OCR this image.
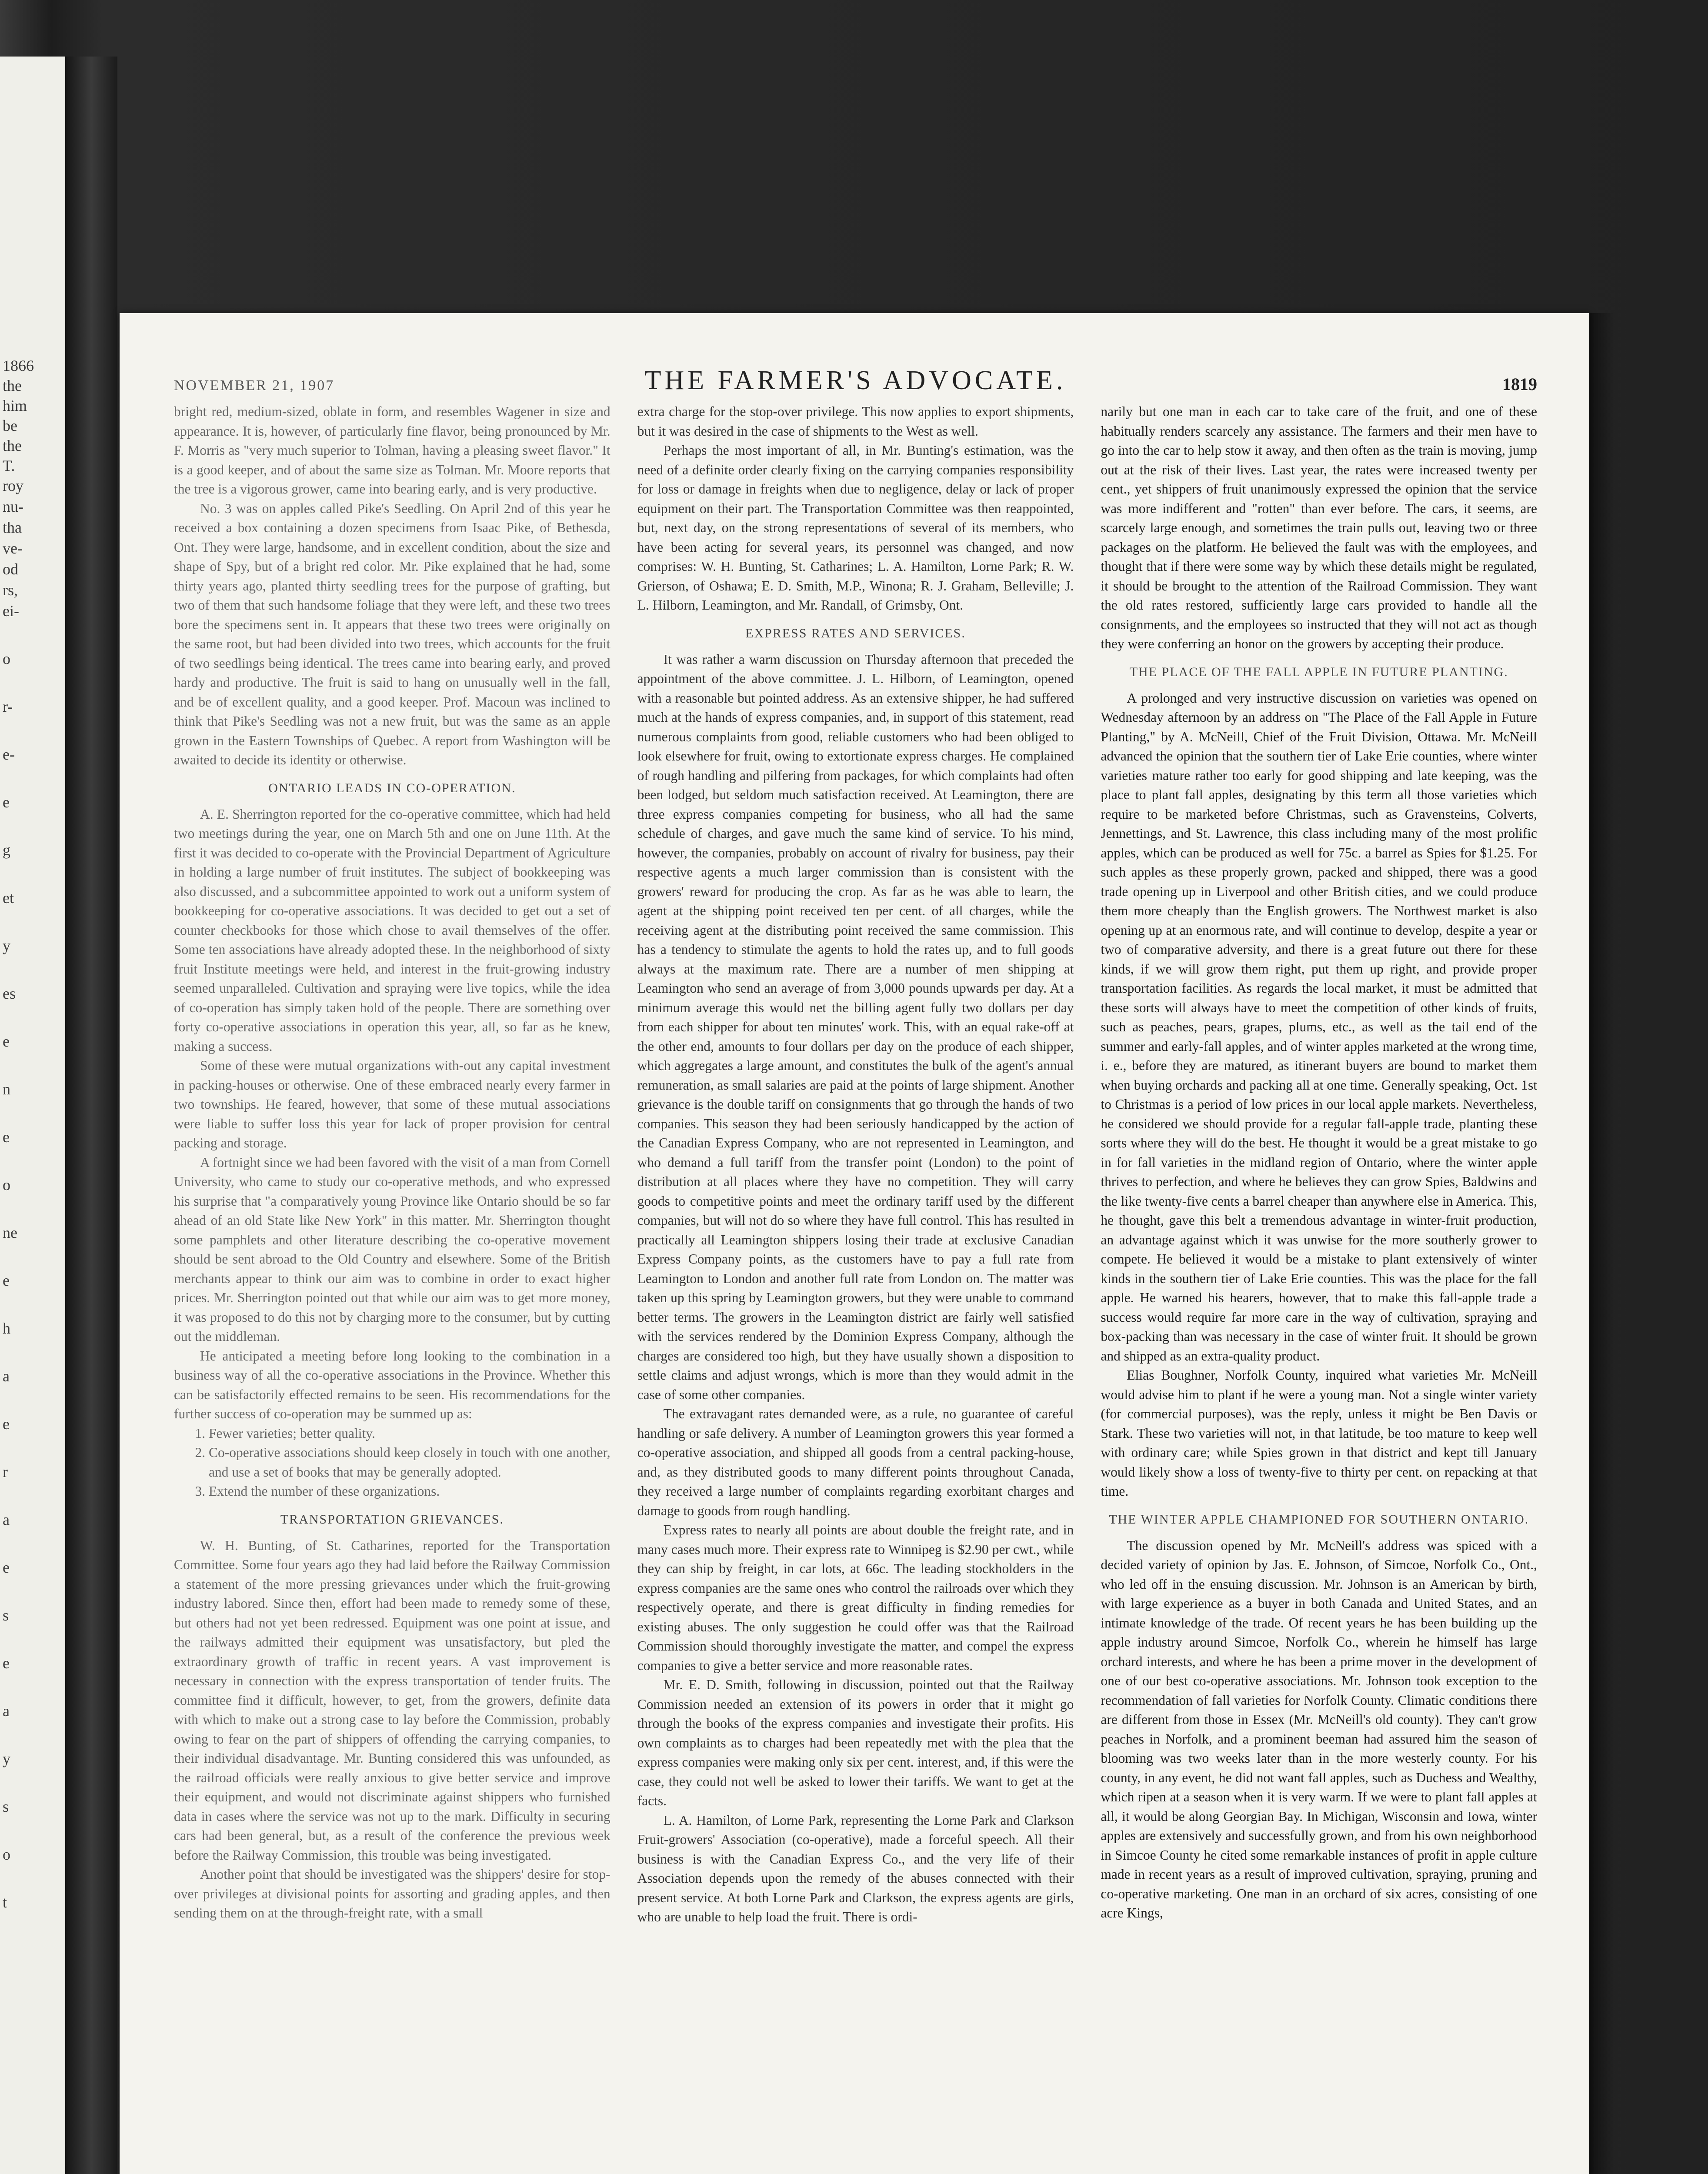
1866
the
him
be
the
T.
roy
nu-
tha
ve-
od
rs,
ei-
o
r-
e-
e
g
et
y
es
e
n
e
o
ne
e
h
a
e
r
a
e
s
e
a
y
s
o
t
NOVEMBER 21, 1907	THE FARMER'S ADVOCATE.	1819

bright red, medium-sized, oblate in form, and resembles Wagener in size and appearance. It is, however, of particularly fine flavor, being pronounced by Mr. F. Morris as "very much superior to Tolman, having a pleasing sweet flavor." It is a good keeper, and of about the same size as Tolman. Mr. Moore reports that the tree is a vigorous grower, came into bearing early, and is very productive.

No. 3 was on apples called Pike's Seedling. On April 2nd of this year he received a box containing a dozen specimens from Isaac Pike, of Bethesda, Ont. They were large, handsome, and in excellent condition, about the size and shape of Spy, but of a bright red color. Mr. Pike explained that he had, some thirty years ago, planted thirty seedling trees for the purpose of grafting, but two of them that such handsome foliage that they were left, and these two trees bore the specimens sent in. It appears that these two trees were originally on the same root, but had been divided into two trees, which accounts for the fruit of two seedlings being identical. The trees came into bearing early, and proved hardy and productive. The fruit is said to hang on unusually well in the fall, and be of excellent quality, and a good keeper. Prof. Macoun was inclined to think that Pike's Seedling was not a new fruit, but was the same as an apple grown in the Eastern Townships of Quebec. A report from Washington will be awaited to decide its identity or otherwise.

ONTARIO LEADS IN CO-OPERATION.

A. E. Sherrington reported for the co-operative committee, which had held two meetings during the year, one on March 5th and one on June 11th. At the first it was decided to co-operate with the Provincial Department of Agriculture in holding a large number of fruit institutes. The subject of bookkeeping was also discussed, and a subcommittee appointed to work out a uniform system of bookkeeping for co-operative associations. It was decided to get out a set of counter checkbooks for those which chose to avail themselves of the offer. Some ten associations have already adopted these. In the neighborhood of sixty fruit Institute meetings were held, and interest in the fruit-growing industry seemed unparalleled. Cultivation and spraying were live topics, while the idea of co-operation has simply taken hold of the people. There are something over forty co-operative associations in operation this year, all, so far as he knew, making a success.

Some of these were mutual organizations with-out any capital investment in packing-houses or otherwise. One of these embraced nearly every farmer in two townships. He feared, however, that some of these mutual associations were liable to suffer loss this year for lack of proper provision for central packing and storage.

A fortnight since we had been favored with the visit of a man from Cornell University, who came to study our co-operative methods, and who expressed his surprise that "a comparatively young Province like Ontario should be so far ahead of an old State like New York" in this matter. Mr. Sherrington thought some pamphlets and other literature describing the co-operative movement should be sent abroad to the Old Country and elsewhere. Some of the British merchants appear to think our aim was to combine in order to exact higher prices. Mr. Sherrington pointed out that while our aim was to get more money, it was proposed to do this not by charging more to the consumer, but by cutting out the middleman.

He anticipated a meeting before long looking to the combination in a business way of all the co-operative associations in the Province. Whether this can be satisfactorily effected remains to be seen. His recommendations for the further success of co-operation may be summed up as:

1. Fewer varieties; better quality.
2. Co-operative associations should keep closely in touch with one another, and use a set of books that may be generally adopted.
3. Extend the number of these organizations.
TRANSPORTATION GRIEVANCES.

W. H. Bunting, of St. Catharines, reported for the Transportation Committee. Some four years ago they had laid before the Railway Commission a statement of the more pressing grievances under which the fruit-growing industry labored. Since then, effort had been made to remedy some of these, but others had not yet been redressed. Equipment was one point at issue, and the railways admitted their equipment was unsatisfactory, but pled the extraordinary growth of traffic in recent years. A vast improvement is necessary in connection with the express transportation of tender fruits. The committee find it difficult, however, to get, from the growers, definite data with which to make out a strong case to lay before the Commission, probably owing to fear on the part of shippers of offending the carrying companies, to their individual disadvantage. Mr. Bunting considered this was unfounded, as the railroad officials were really anxious to give better service and improve their equipment, and would not discriminate against shippers who furnished data in cases where the service was not up to the mark. Difficulty in securing cars had been general, but, as a result of the conference the previous week before the Railway Commission, this trouble was being investigated.

Another point that should be investigated was the shippers' desire for stop-over privileges at divisional points for assorting and grading apples, and then sending them on at the through-freight rate, with a small

extra charge for the stop-over privilege. This now applies to export shipments, but it was desired in the case of shipments to the West as well.

Perhaps the most important of all, in Mr. Bunting's estimation, was the need of a definite order clearly fixing on the carrying companies responsibility for loss or damage in freights when due to negligence, delay or lack of proper equipment on their part. The Transportation Committee was then reappointed, but, next day, on the strong representations of several of its members, who have been acting for several years, its personnel was changed, and now comprises: W. H. Bunting, St. Catharines; L. A. Hamilton, Lorne Park; R. W. Grierson, of Oshawa; E. D. Smith, M.P., Winona; R. J. Graham, Belleville; J. L. Hilborn, Leamington, and Mr. Randall, of Grimsby, Ont.

EXPRESS RATES AND SERVICES.

It was rather a warm discussion on Thursday afternoon that preceded the appointment of the above committee. J. L. Hilborn, of Leamington, opened with a reasonable but pointed address. As an extensive shipper, he had suffered much at the hands of express companies, and, in support of this statement, read numerous complaints from good, reliable customers who had been obliged to look elsewhere for fruit, owing to extortionate express charges. He complained of rough handling and pilfering from packages, for which complaints had often been lodged, but seldom much satisfaction received. At Leamington, there are three express companies competing for business, who all had the same schedule of charges, and gave much the same kind of service. To his mind, however, the companies, probably on account of rivalry for business, pay their respective agents a much larger commission than is consistent with the growers' reward for producing the crop. As far as he was able to learn, the agent at the shipping point received ten per cent. of all charges, while the receiving agent at the distributing point received the same commission. This has a tendency to stimulate the agents to hold the rates up, and to full goods always at the maximum rate. There are a number of men shipping at Leamington who send an average of from 3,000 pounds upwards per day. At a minimum average this would net the billing agent fully two dollars per day from each shipper for about ten minutes' work. This, with an equal rake-off at the other end, amounts to four dollars per day on the produce of each shipper, which aggregates a large amount, and constitutes the bulk of the agent's annual remuneration, as small salaries are paid at the points of large shipment. Another grievance is the double tariff on consignments that go through the hands of two companies. This season they had been seriously handicapped by the action of the Canadian Express Company, who are not represented in Leamington, and who demand a full tariff from the transfer point (London) to the point of distribution at all places where they have no competition. They will carry goods to competitive points and meet the ordinary tariff used by the different companies, but will not do so where they have full control. This has resulted in practically all Leamington shippers losing their trade at exclusive Canadian Express Company points, as the customers have to pay a full rate from Leamington to London and another full rate from London on. The matter was taken up this spring by Leamington growers, but they were unable to command better terms. The growers in the Leamington district are fairly well satisfied with the services rendered by the Dominion Express Company, although the charges are considered too high, but they have usually shown a disposition to settle claims and adjust wrongs, which is more than they would admit in the case of some other companies.

The extravagant rates demanded were, as a rule, no guarantee of careful handling or safe delivery. A number of Leamington growers this year formed a co-operative association, and shipped all goods from a central packing-house, and, as they distributed goods to many different points throughout Canada, they received a large number of complaints regarding exorbitant charges and damage to goods from rough handling.

Express rates to nearly all points are about double the freight rate, and in many cases much more. Their express rate to Winnipeg is $2.90 per cwt., while they can ship by freight, in car lots, at 66c. The leading stockholders in the express companies are the same ones who control the railroads over which they respectively operate, and there is great difficulty in finding remedies for existing abuses. The only suggestion he could offer was that the Railroad Commission should thoroughly investigate the matter, and compel the express companies to give a better service and more reasonable rates.

Mr. E. D. Smith, following in discussion, pointed out that the Railway Commission needed an extension of its powers in order that it might go through the books of the express companies and investigate their profits. His own complaints as to charges had been repeatedly met with the plea that the express companies were making only six per cent. interest, and, if this were the case, they could not well be asked to lower their tariffs. We want to get at the facts.

L. A. Hamilton, of Lorne Park, representing the Lorne Park and Clarkson Fruit-growers' Association (co-operative), made a forceful speech. All their business is with the Canadian Express Co., and the very life of their Association depends upon the remedy of the abuses connected with their present service. At both Lorne Park and Clarkson, the express agents are girls, who are unable to help load the fruit. There is ordi-

narily but one man in each car to take care of the fruit, and one of these habitually renders scarcely any assistance. The farmers and their men have to go into the car to help stow it away, and then often as the train is moving, jump out at the risk of their lives. Last year, the rates were increased twenty per cent., yet shippers of fruit unanimously expressed the opinion that the service was more indifferent and "rotten" than ever before. The cars, it seems, are scarcely large enough, and sometimes the train pulls out, leaving two or three packages on the platform. He believed the fault was with the employees, and thought that if there were some way by which these details might be regulated, it should be brought to the attention of the Railroad Commission. They want the old rates restored, sufficiently large cars provided to handle all the consignments, and the employees so instructed that they will not act as though they were conferring an honor on the growers by accepting their produce.

THE PLACE OF THE FALL APPLE IN FUTURE PLANTING.

A prolonged and very instructive discussion on varieties was opened on Wednesday afternoon by an address on "The Place of the Fall Apple in Future Planting," by A. McNeill, Chief of the Fruit Division, Ottawa. Mr. McNeill advanced the opinion that the southern tier of Lake Erie counties, where winter varieties mature rather too early for good shipping and late keeping, was the place to plant fall apples, designating by this term all those varieties which require to be marketed before Christmas, such as Gravensteins, Colverts, Jennettings, and St. Lawrence, this class including many of the most prolific apples, which can be produced as well for 75c. a barrel as Spies for $1.25. For such apples as these properly grown, packed and shipped, there was a good trade opening up in Liverpool and other British cities, and we could produce them more cheaply than the English growers. The Northwest market is also opening up at an enormous rate, and will continue to develop, despite a year or two of comparative adversity, and there is a great future out there for these kinds, if we will grow them right, put them up right, and provide proper transportation facilities. As regards the local market, it must be admitted that these sorts will always have to meet the competition of other kinds of fruits, such as peaches, pears, grapes, plums, etc., as well as the tail end of the summer and early-fall apples, and of winter apples marketed at the wrong time, i. e., before they are matured, as itinerant buyers are bound to market them when buying orchards and packing all at one time. Generally speaking, Oct. 1st to Christmas is a period of low prices in our local apple markets. Nevertheless, he considered we should provide for a regular fall-apple trade, planting these sorts where they will do the best. He thought it would be a great mistake to go in for fall varieties in the midland region of Ontario, where the winter apple thrives to perfection, and where he believes they can grow Spies, Baldwins and the like twenty-five cents a barrel cheaper than anywhere else in America. This, he thought, gave this belt a tremendous advantage in winter-fruit production, an advantage against which it was unwise for the more southerly grower to compete. He believed it would be a mistake to plant extensively of winter kinds in the southern tier of Lake Erie counties. This was the place for the fall apple. He warned his hearers, however, that to make this fall-apple trade a success would require far more care in the way of cultivation, spraying and box-packing than was necessary in the case of winter fruit. It should be grown and shipped as an extra-quality product.

Elias Boughner, Norfolk County, inquired what varieties Mr. McNeill would advise him to plant if he were a young man. Not a single winter variety (for commercial purposes), was the reply, unless it might be Ben Davis or Stark. These two varieties will not, in that latitude, be too mature to keep well with ordinary care; while Spies grown in that district and kept till January would likely show a loss of twenty-five to thirty per cent. on repacking at that time.

THE WINTER APPLE CHAMPIONED FOR SOUTHERN ONTARIO.

The discussion opened by Mr. McNeill's address was spiced with a decided variety of opinion by Jas. E. Johnson, of Simcoe, Norfolk Co., Ont., who led off in the ensuing discussion. Mr. Johnson is an American by birth, with large experience as a buyer in both Canada and United States, and an intimate knowledge of the trade. Of recent years he has been building up the apple industry around Simcoe, Norfolk Co., wherein he himself has large orchard interests, and where he has been a prime mover in the development of one of our best co-operative associations. Mr. Johnson took exception to the recommendation of fall varieties for Norfolk County. Climatic conditions there are different from those in Essex (Mr. McNeill's old county). They can't grow peaches in Norfolk, and a prominent beeman had assured him the season of blooming was two weeks later than in the more westerly county. For his county, in any event, he did not want fall apples, such as Duchess and Wealthy, which ripen at a season when it is very warm. If we were to plant fall apples at all, it would be along Georgian Bay. In Michigan, Wisconsin and Iowa, winter apples are extensively and successfully grown, and from his own neighborhood in Simcoe County he cited some remarkable instances of profit in apple culture made in recent years as a result of improved cultivation, spraying, pruning and co-operative marketing. One man in an orchard of six acres, consisting of one acre Kings,
